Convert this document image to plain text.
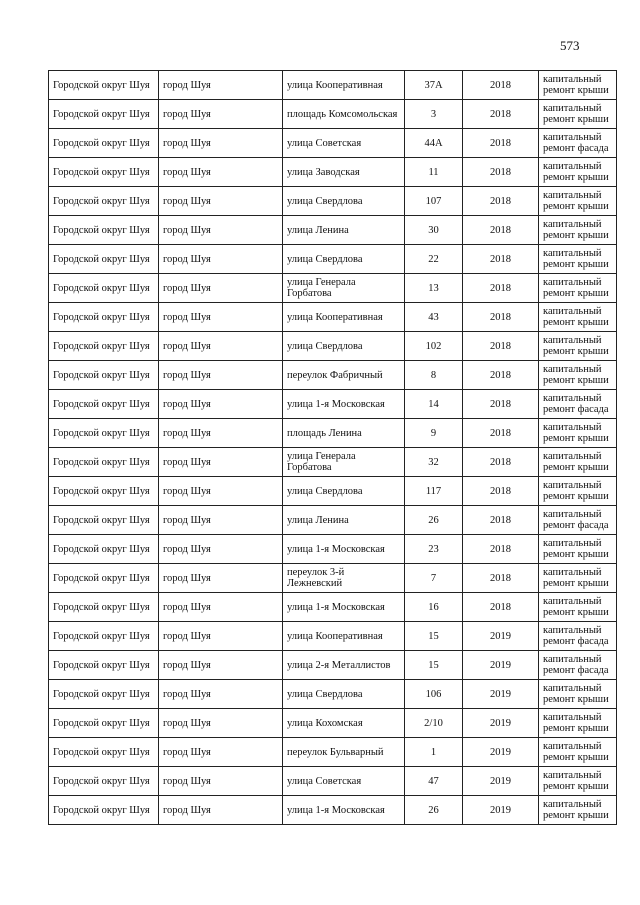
573
Городской округ Шуя	город Шуя	улица Кооперативная	37А	2018	капитальный ремонт крыши
Городской округ Шуя	город Шуя	площадь Комсомольская	3	2018	капитальный ремонт крыши
Городской округ Шуя	город Шуя	улица Советская	44А	2018	капитальный ремонт фасада
Городской округ Шуя	город Шуя	улица Заводская	11	2018	капитальный ремонт крыши
Городской округ Шуя	город Шуя	улица Свердлова	107	2018	капитальный ремонт крыши
Городской округ Шуя	город Шуя	улица Ленина	30	2018	капитальный ремонт крыши
Городской округ Шуя	город Шуя	улица Свердлова	22	2018	капитальный ремонт крыши
Городской округ Шуя	город Шуя	улица Генерала Горбатова	13	2018	капитальный ремонт крыши
Городской округ Шуя	город Шуя	улица Кооперативная	43	2018	капитальный ремонт крыши
Городской округ Шуя	город Шуя	улица Свердлова	102	2018	капитальный ремонт крыши
Городской округ Шуя	город Шуя	переулок Фабричный	8	2018	капитальный ремонт крыши
Городской округ Шуя	город Шуя	улица 1-я Московская	14	2018	капитальный ремонт фасада
Городской округ Шуя	город Шуя	площадь Ленина	9	2018	капитальный ремонт крыши
Городской округ Шуя	город Шуя	улица Генерала Горбатова	32	2018	капитальный ремонт крыши
Городской округ Шуя	город Шуя	улица Свердлова	117	2018	капитальный ремонт крыши
Городской округ Шуя	город Шуя	улица Ленина	26	2018	капитальный ремонт фасада
Городской округ Шуя	город Шуя	улица 1-я Московская	23	2018	капитальный ремонт крыши
Городской округ Шуя	город Шуя	переулок 3-й Лежневский	7	2018	капитальный ремонт крыши
Городской округ Шуя	город Шуя	улица 1-я Московская	16	2018	капитальный ремонт крыши
Городской округ Шуя	город Шуя	улица Кооперативная	15	2019	капитальный ремонт фасада
Городской округ Шуя	город Шуя	улица 2-я Металлистов	15	2019	капитальный ремонт фасада
Городской округ Шуя	город Шуя	улица Свердлова	106	2019	капитальный ремонт крыши
Городской округ Шуя	город Шуя	улица Кохомская	2/10	2019	капитальный ремонт крыши
Городской округ Шуя	город Шуя	переулок Бульварный	1	2019	капитальный ремонт крыши
Городской округ Шуя	город Шуя	улица Советская	47	2019	капитальный ремонт крыши
Городской округ Шуя	город Шуя	улица 1-я Московская	26	2019	капитальный ремонт крыши
